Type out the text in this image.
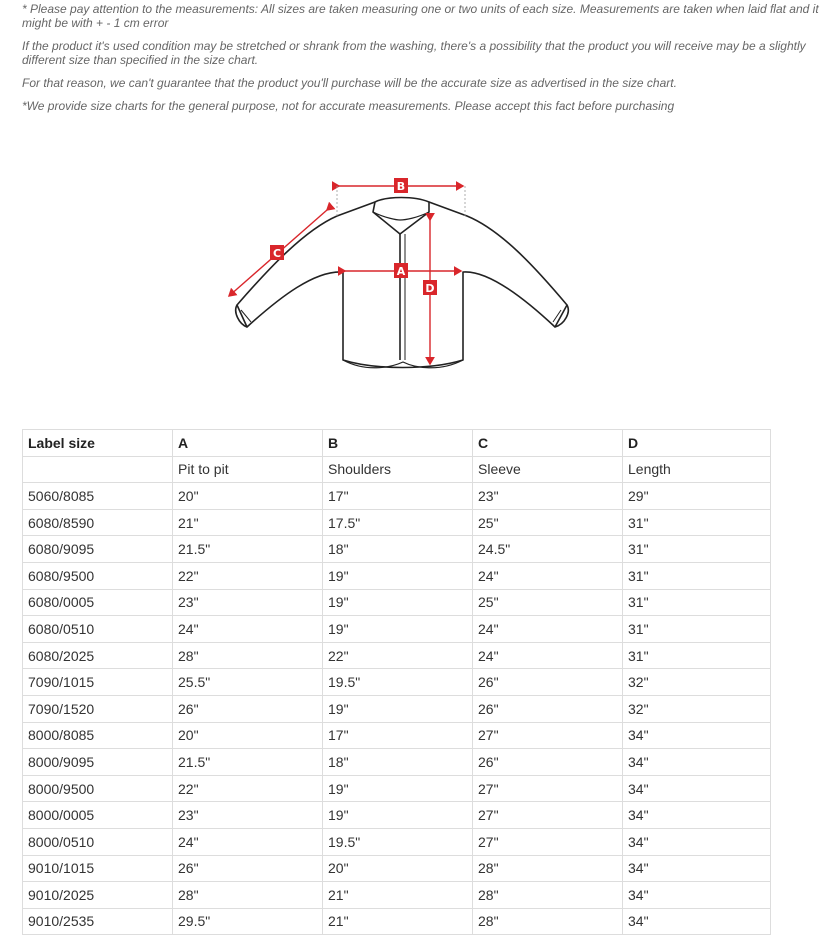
* Please pay attention to the measurements: All sizes are taken measuring one or two units of each size. Measurements are taken when laid flat and it might be with + - 1 cm error

If the product it's used condition may be stretched or shrank from the washing, there's a possibility that the product you will receive may be a slightly different size than specified in the size chart.

For that reason, we can't guarantee that the product you'll purchase will be the accurate size as advertised in the size chart.

*We provide size charts for the general purpose, not for accurate measurements. Please accept this fact before purchasing

B
C
A
D
Label size	A	B	C	D
	Pit to pit	Shoulders	Sleeve	Length
5060/8085	20"	17"	23"	29"
6080/8590	21"	17.5"	25"	31"
6080/9095	21.5"	18"	24.5"	31"
6080/9500	22"	19"	24"	31"
6080/0005	23"	19"	25"	31"
6080/0510	24"	19"	24"	31"
6080/2025	28"	22"	24"	31"
7090/1015	25.5"	19.5"	26"	32"
7090/1520	26"	19"	26"	32"
8000/8085	20"	17"	27"	34"
8000/9095	21.5"	18"	26"	34"
8000/9500	22"	19"	27"	34"
8000/0005	23"	19"	27"	34"
8000/0510	24"	19.5"	27"	34"
9010/1015	26"	20"	28"	34"
9010/2025	28"	21"	28"	34"
9010/2535	29.5"	21"	28"	34"
